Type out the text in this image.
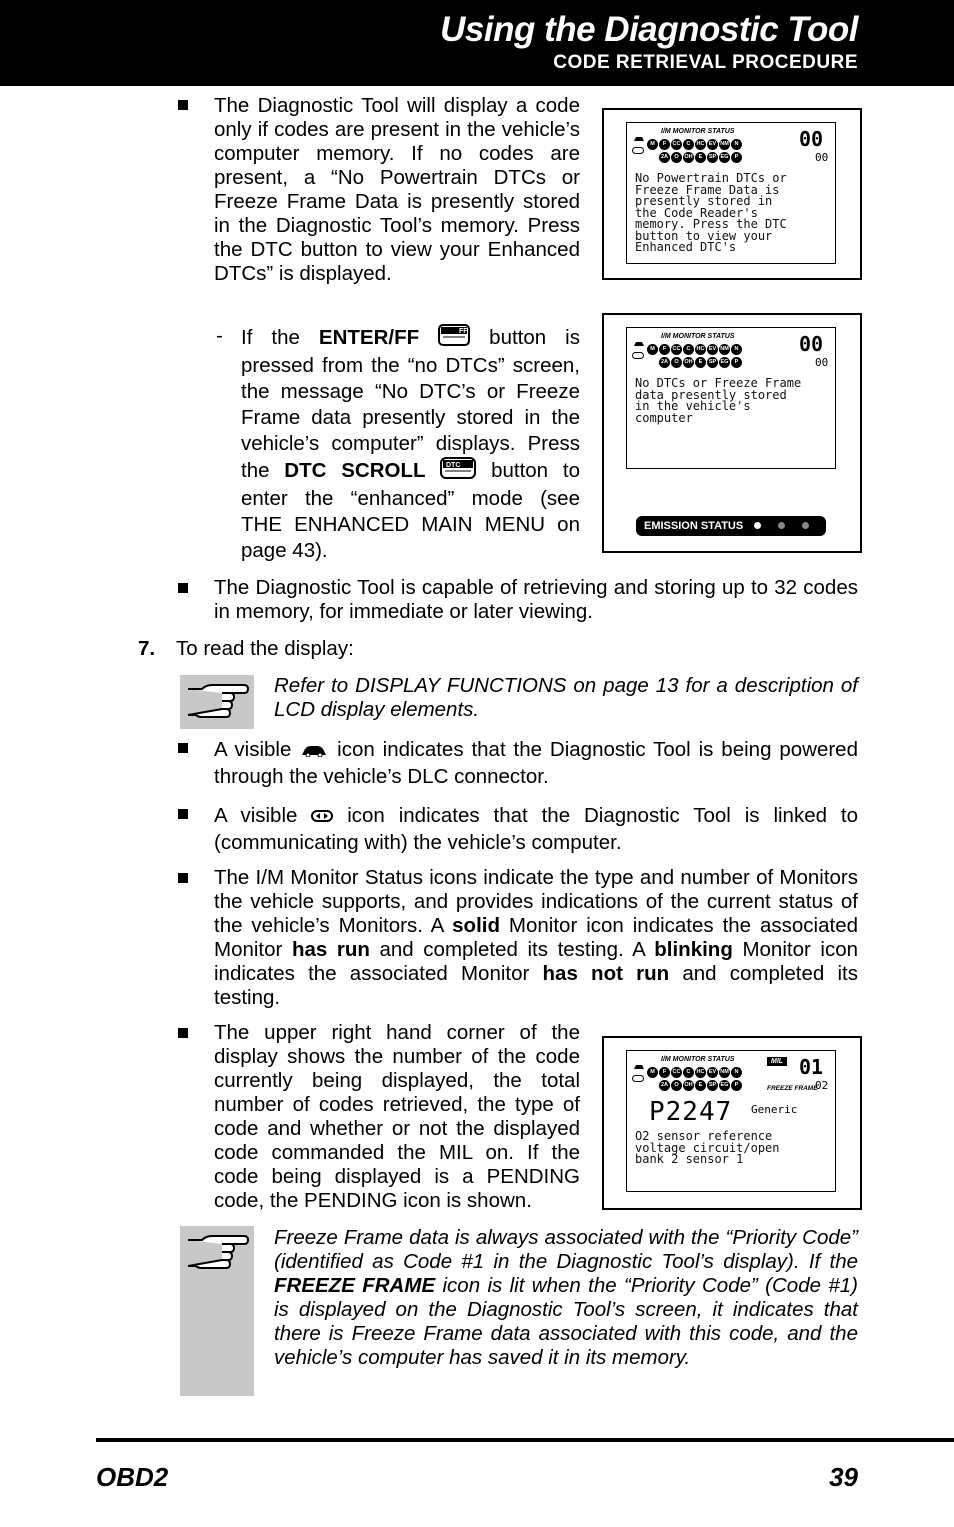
Using the Diagnostic Tool
CODE RETRIEVAL PROCEDURE
The Diagnostic Tool will display a code only if codes are present in the vehicle’s computer memory. If no codes are present, a “No Powertrain DTCs or Freeze Frame Data is presently stored in the Diagnostic Tool’s memory. Press the DTC button to view your Enhanced DTCs” is displayed.
- If the ENTER/FF	FF button is pressed from the “no DTCs” screen, the message “No DTC’s or Freeze Frame data presently stored in the vehicle’s computer” displays. Press the DTC SCROLL	DTC button to enter the “enhanced” mode (see THE ENHANCED MAIN MENU on page 43).
I/M MONITOR STATUS
M	F	CC	C	HC EV NM	N
2A	O	OH	E	SP EG	P
00
00
No Powertrain DTCs or
Freeze Frame Data is
presently stored in
the Code Reader's
memory. Press the DTC
button to view your
Enhanced DTC's
I/M MONITOR STATUS
M	F	CC	C	HC EV NM	N
2A	O	OH	E	SP EG	P
00
00
No DTCs or Freeze Frame
data presently stored
in the vehicle's
computer
EMISSION STATUS
The Diagnostic Tool is capable of retrieving and storing up to 32 codes in memory, for immediate or later viewing.
7. To read the display:
Refer to DISPLAY FUNCTIONS on page 13 for a description of LCD display elements.
A visible  icon indicates that the Diagnostic Tool is being powered through the vehicle’s DLC connector.
A visible  icon indicates that the Diagnostic Tool is linked to (communicating with) the vehicle’s computer.
The I/M Monitor Status icons indicate the type and number of Monitors the vehicle supports, and provides indications of the current status of the vehicle’s Monitors. A solid Monitor icon indicates the associated Monitor has run and completed its testing. A blinking Monitor icon indicates the associated Monitor has not run and completed its testing.
The upper right hand corner of the display shows the number of the code currently being displayed, the total number of codes retrieved, the type of code and whether or not the displayed code commanded the MIL on. If the code being displayed is a PENDING code, the PENDING icon is shown.
I/M MONITOR STATUS
M	F	CC	C	HC EV NM	N
2A	O	OH	E	SP EG	P
MIL 01
02
FREEZE FRAME
P2247 Generic
O2 sensor reference
voltage circuit/open
bank 2 sensor 1
Freeze Frame data is always associated with the “Priority Code” (identified as Code #1 in the Diagnostic Tool’s display). If the FREEZE FRAME icon is lit when the “Priority Code” (Code #1) is displayed on the Diagnostic Tool’s screen, it indicates that there is Freeze Frame data associated with this code, and the vehicle’s computer has saved it in its memory.
OBD2	39
